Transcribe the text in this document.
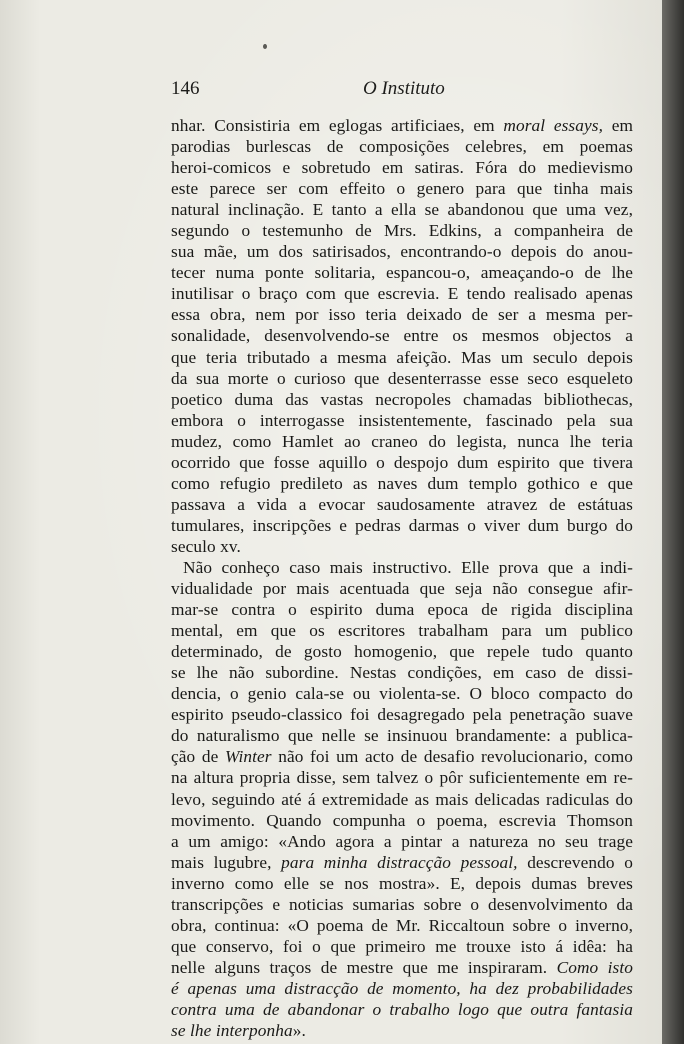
146	O Instituto
nhar. Consistiria em eglogas artificiaes, em moral essays, em
parodias burlescas de composições celebres, em poemas
heroi-comicos e sobretudo em satiras. Fóra do medievismo
este parece ser com effeito o genero para que tinha mais
natural inclinação. E tanto a ella se abandonou que uma vez,
segundo o testemunho de Mrs. Edkins, a companheira de
sua mãe, um dos satirisados, encontrando-o depois do anou-
tecer numa ponte solitaria, espancou-o, ameaçando-o de lhe
inutilisar o braço com que escrevia. E tendo realisado apenas
essa obra, nem por isso teria deixado de ser a mesma per-
sonalidade, desenvolvendo-se entre os mesmos objectos a
que teria tributado a mesma afeição. Mas um seculo depois
da sua morte o curioso que desenterrasse esse seco esqueleto
poetico duma das vastas necropoles chamadas bibliothecas,
embora o interrogasse insistentemente, fascinado pela sua
mudez, como Hamlet ao craneo do legista, nunca lhe teria
ocorrido que fosse aquillo o despojo dum espirito que tivera
como refugio predileto as naves dum templo gothico e que
passava a vida a evocar saudosamente atravez de estátuas
tumulares, inscripções e pedras darmas o viver dum burgo do
seculo xv.
Não conheço caso mais instructivo. Elle prova que a indi-
vidualidade por mais acentuada que seja não consegue afir-
mar-se contra o espirito duma epoca de rigida disciplina
mental, em que os escritores trabalham para um publico
determinado, de gosto homogenio, que repele tudo quanto
se lhe não subordine. Nestas condições, em caso de dissi-
dencia, o genio cala-se ou violenta-se. O bloco compacto do
espirito pseudo-classico foi desagregado pela penetração suave
do naturalismo que nelle se insinuou brandamente: a publica-
ção de Winter não foi um acto de desafio revolucionario, como
na altura propria disse, sem talvez o pôr suficientemente em re-
levo, seguindo até á extremidade as mais delicadas radiculas do
movimento. Quando compunha o poema, escrevia Thomson
a um amigo: «Ando agora a pintar a natureza no seu trage
mais lugubre, para minha distracção pessoal, descrevendo o
inverno como elle se nos mostra». E, depois dumas breves
transcripções e noticias sumarias sobre o desenvolvimento da
obra, continua: «O poema de Mr. Riccaltoun sobre o inverno,
que conservo, foi o que primeiro me trouxe isto á idêa: ha
nelle alguns traços de mestre que me inspiraram. Como isto
é apenas uma distracção de momento, ha dez probabilidades
contra uma de abandonar o trabalho logo que outra fantasia
se lhe interponha».
